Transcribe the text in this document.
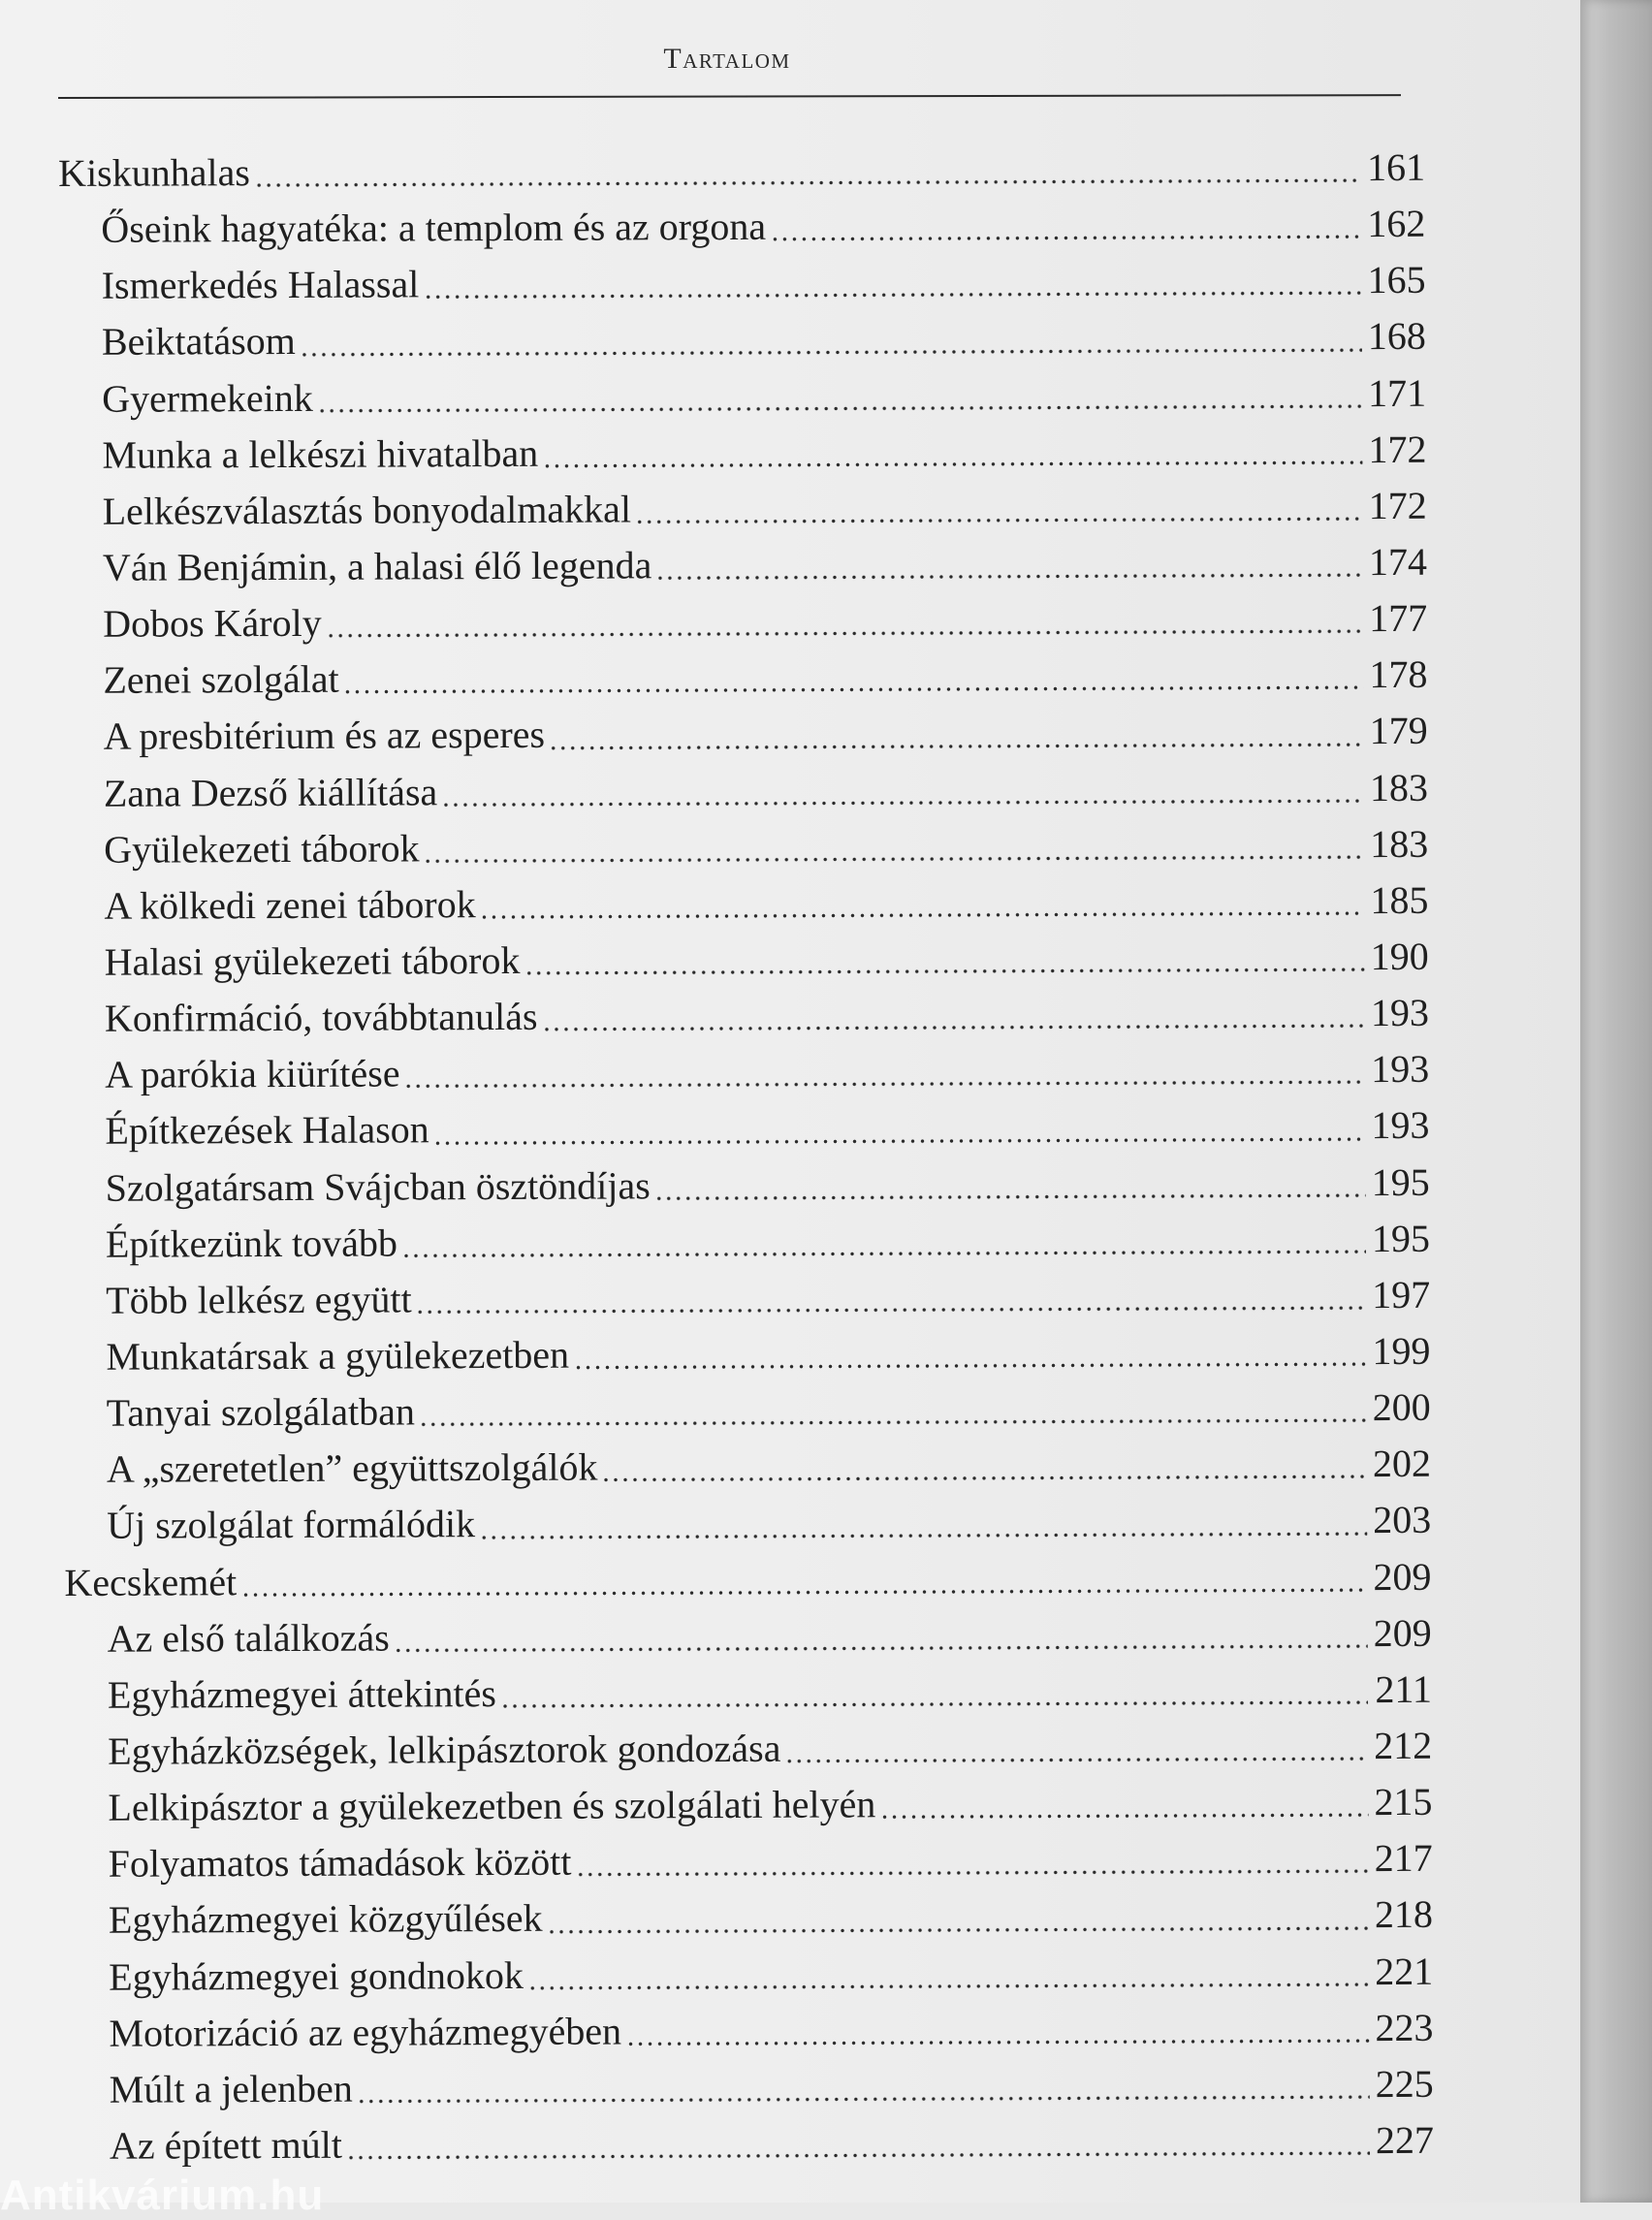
Tartalom
Kiskunhalas	161
Őseink hagyatéka: a templom és az orgona	162
Ismerkedés Halassal	165
Beiktatásom	168
Gyermekeink	171
Munka a lelkészi hivatalban	172
Lelkészválasztás bonyodalmakkal	172
Ván Benjámin, a halasi élő legenda	174
Dobos Károly	177
Zenei szolgálat	178
A presbitérium és az esperes	179
Zana Dezső kiállítása	183
Gyülekezeti táborok	183
A kölkedi zenei táborok	185
Halasi gyülekezeti táborok	190
Konfirmáció, továbbtanulás	193
A parókia kiürítése	193
Építkezések Halason	193
Szolgatársam Svájcban ösztöndíjas	195
Építkezünk tovább	195
Több lelkész együtt	197
Munkatársak a gyülekezetben	199
Tanyai szolgálatban	200
A „szeretetlen” együttszolgálók	202
Új szolgálat formálódik	203
Kecskemét	209
Az első találkozás	209
Egyházmegyei áttekintés	211
Egyházközségek, lelkipásztorok gondozása	212
Lelkipásztor a gyülekezetben és szolgálati helyén	215
Folyamatos támadások között	217
Egyházmegyei közgyűlések	218
Egyházmegyei gondnokok	221
Motorizáció az egyházmegyében	223
Múlt a jelenben	225
Az épített múlt	227
Antikvárium.hu
